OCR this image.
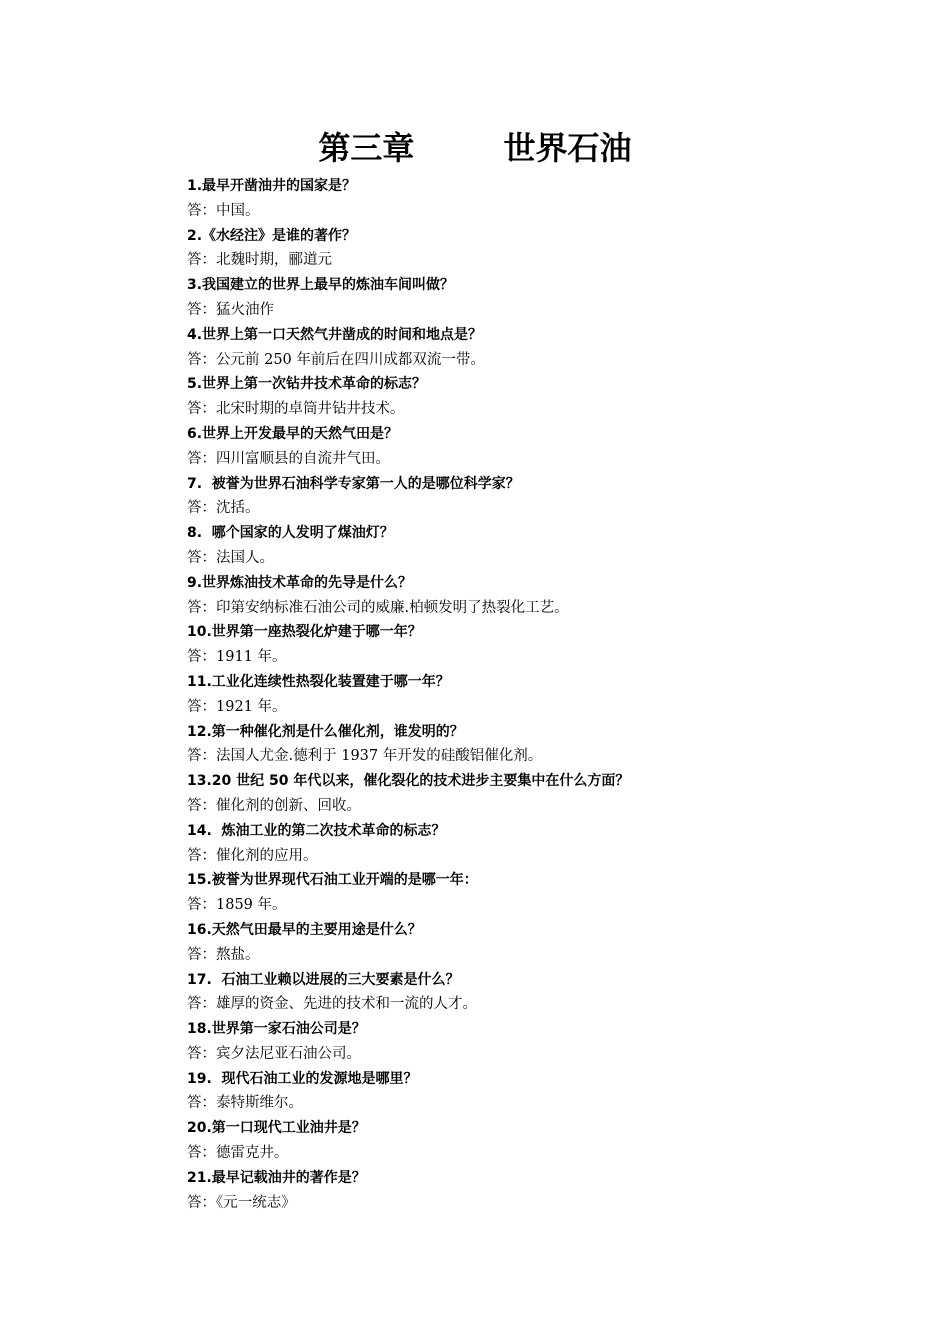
第三章        世界石油
1.最早开凿油井的国家是？
答：中国。
2.《水经注》是谁的著作？
答：北魏时期，郦道元
3.我国建立的世界上最早的炼油车间叫做？
答：猛火油作
4.世界上第一口天然气井凿成的时间和地点是？
答：公元前 250 年前后在四川成都双流一带。
5.世界上第一次钻井技术革命的标志？
答：北宋时期的卓筒井钻井技术。
6.世界上开发最早的天然气田是？
答：四川富顺县的自流井气田。
7.  被誉为世界石油科学专家第一人的是哪位科学家？
答：沈括。
8.  哪个国家的人发明了煤油灯？
答：法国人。
9.世界炼油技术革命的先导是什么？
答：印第安纳标准石油公司的威廉.柏顿发明了热裂化工艺。
10.世界第一座热裂化炉建于哪一年？
答：1911 年。
11.工业化连续性热裂化装置建于哪一年？
答：1921 年。
12.第一种催化剂是什么催化剂，谁发明的？
答：法国人尤金.德利于 1937 年开发的硅酸铝催化剂。
13.20 世纪 50 年代以来，催化裂化的技术进步主要集中在什么方面？
答：催化剂的创新、回收。
14.  炼油工业的第二次技术革命的标志？
答：催化剂的应用。
15.被誉为世界现代石油工业开端的是哪一年：
答：1859 年。
16.天然气田最早的主要用途是什么？
答：熬盐。
17.  石油工业赖以进展的三大要素是什么？
答：雄厚的资金、先进的技术和一流的人才。
18.世界第一家石油公司是？
答：宾夕法尼亚石油公司。
19.  现代石油工业的发源地是哪里？
答：泰特斯维尔。
20.第一口现代工业油井是？
答：德雷克井。
21.最早记载油井的著作是？
答：《元一统志》
